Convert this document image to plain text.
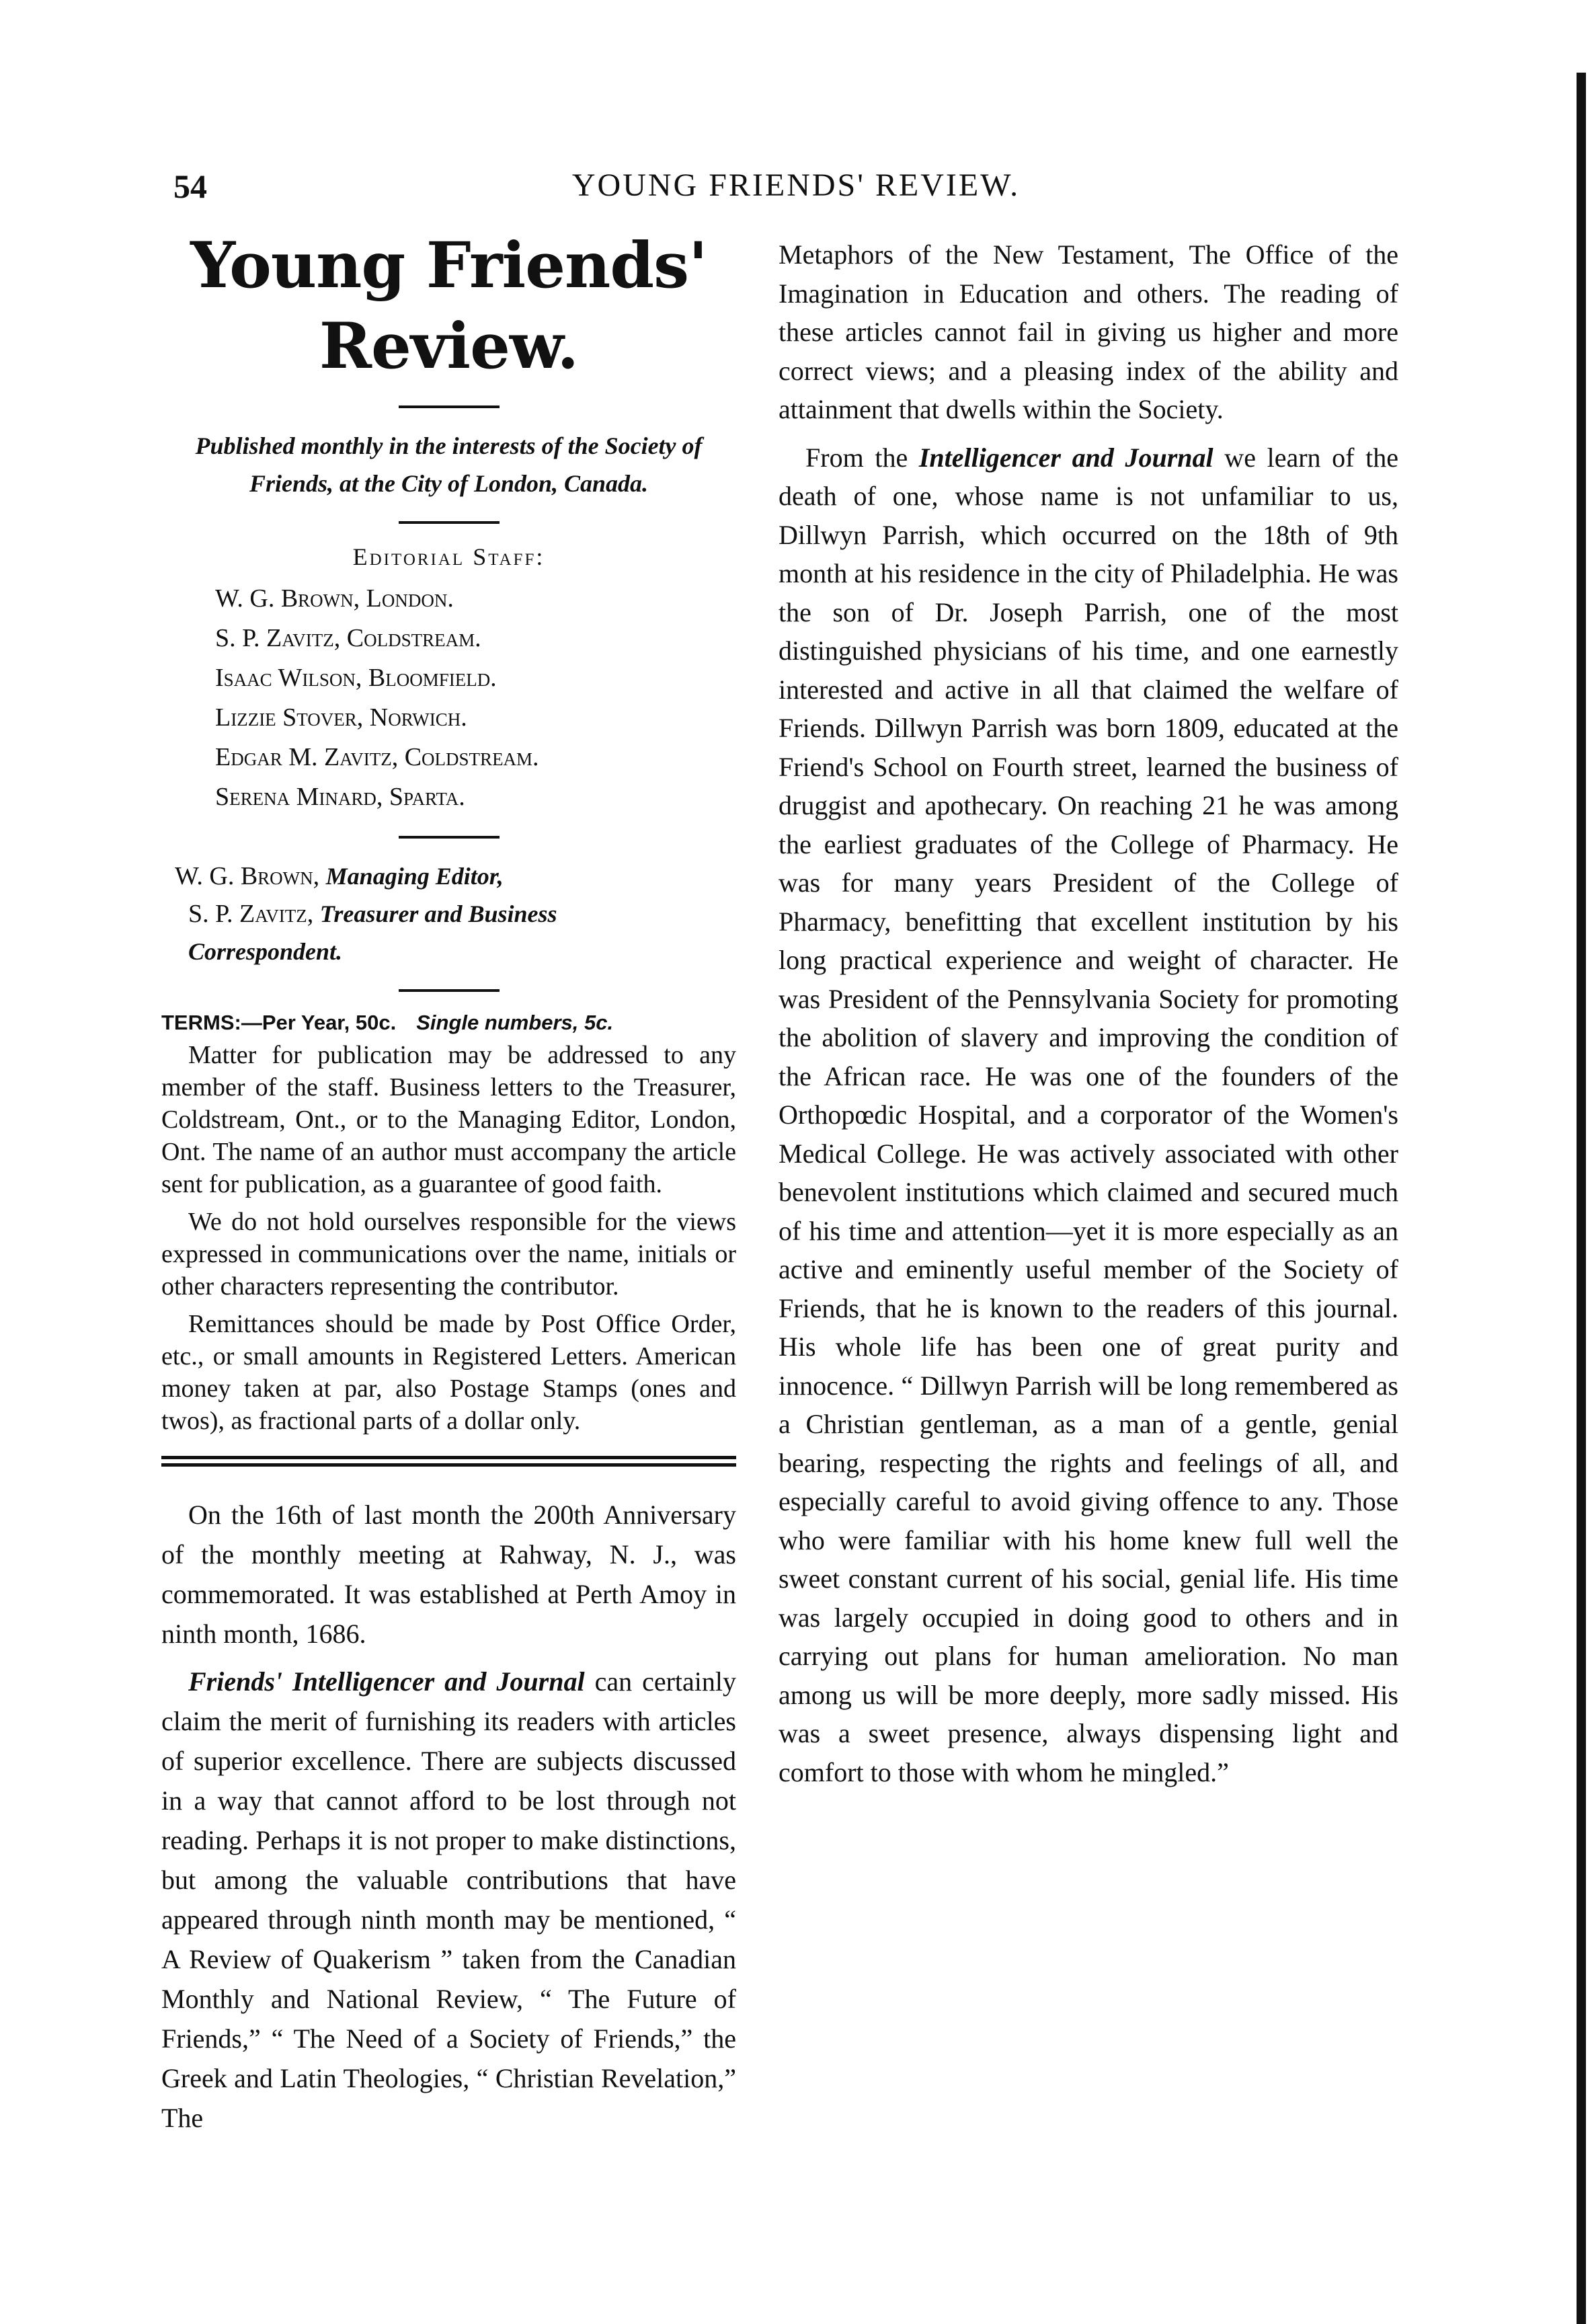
54	YOUNG FRIENDS' REVIEW.
Young Friends' Review.

Published monthly in the interests of the Society of Friends, at the City of London, Canada.

Editorial Staff:
W. G. Brown, London.
S. P. Zavitz, Coldstream.
Isaac Wilson, Bloomfield.
Lizzie Stover, Norwich.
Edgar M. Zavitz, Coldstream.
Serena Minard, Sparta.

W. G. Brown, Managing Editor,

S. P. Zavitz, Treasurer and Business Correspondent.

TERMS:—Per Year, 50c. Single numbers, 5c.

Matter for publication may be addressed to any member of the staff. Business letters to the Treasurer, Coldstream, Ont., or to the Managing Editor, London, Ont. The name of an author must accompany the article sent for publication, as a guarantee of good faith.

We do not hold ourselves responsible for the views expressed in communications over the name, initials or other characters representing the contributor.

Remittances should be made by Post Office Order, etc., or small amounts in Registered Letters. American money taken at par, also Postage Stamps (ones and twos), as fractional parts of a dollar only.

On the 16th of last month the 200th Anniversary of the monthly meeting at Rahway, N. J., was commemorated. It was established at Perth Amoy in ninth month, 1686.

Friends' Intelligencer and Journal can certainly claim the merit of furnishing its readers with articles of superior excellence. There are subjects discussed in a way that cannot afford to be lost through not reading. Perhaps it is not proper to make distinctions, but among the valuable contributions that have appeared through ninth month may be mentioned, “ A Review of Quakerism ” taken from the Canadian Monthly and National Review, “ The Future of Friends,” “ The Need of a Society of Friends,” the Greek and Latin Theologies, “ Christian Revelation,” The

Metaphors of the New Testament, The Office of the Imagination in Education and others. The reading of these articles cannot fail in giving us higher and more correct views; and a pleasing index of the ability and attainment that dwells within the Society.

From the Intelligencer and Journal we learn of the death of one, whose name is not unfamiliar to us, Dillwyn Parrish, which occurred on the 18th of 9th month at his residence in the city of Philadelphia. He was the son of Dr. Joseph Parrish, one of the most distinguished physicians of his time, and one earnestly interested and active in all that claimed the welfare of Friends. Dillwyn Parrish was born 1809, educated at the Friend's School on Fourth street, learned the business of druggist and apothecary. On reaching 21 he was among the earliest graduates of the College of Pharmacy. He was for many years President of the College of Pharmacy, benefitting that excellent institution by his long practical experience and weight of character. He was President of the Pennsylvania Society for promoting the abolition of slavery and improving the condition of the African race. He was one of the founders of the Orthopœdic Hospital, and a corporator of the Women's Medical College. He was actively associated with other benevolent institutions which claimed and secured much of his time and attention—yet it is more especially as an active and eminently useful member of the Society of Friends, that he is known to the readers of this journal. His whole life has been one of great purity and innocence. “ Dillwyn Parrish will be long remembered as a Christian gentleman, as a man of a gentle, genial bearing, respecting the rights and feelings of all, and especially careful to avoid giving offence to any. Those who were familiar with his home knew full well the sweet constant current of his social, genial life. His time was largely occupied in doing good to others and in carrying out plans for human amelioration. No man among us will be more deeply, more sadly missed. His was a sweet presence, always dispensing light and comfort to those with whom he mingled.”
